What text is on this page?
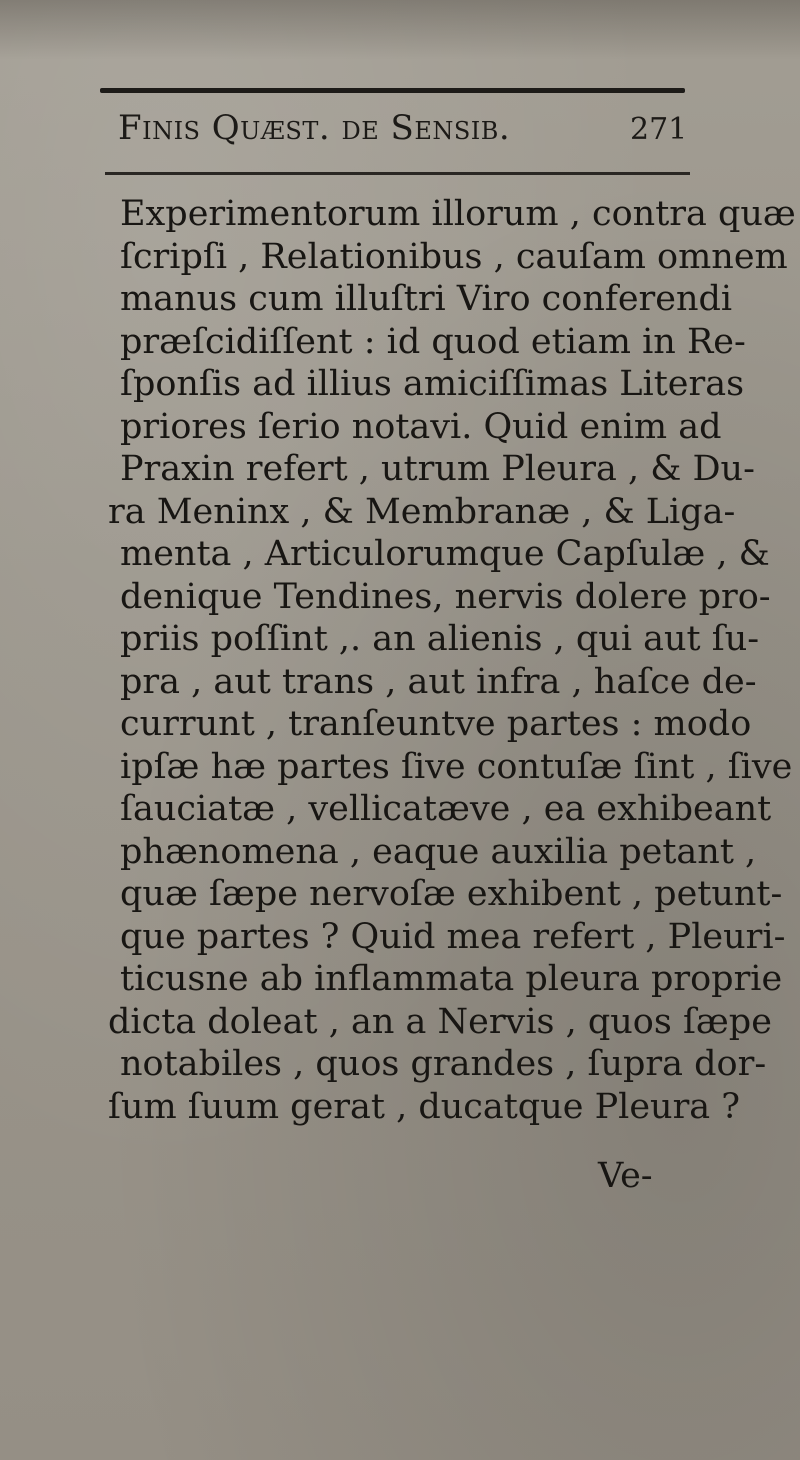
Finis Quæst. de Sensib.	271
Experimentorum illorum , contra quæ
ſcripſi , Relationibus , cauſam omnem
manus cum illuſtri Viro conferendi
præſcidiſſent : id quod etiam in Re-
ſponſis ad illius amiciſſimas Literas
priores ſerio notavi. Quid enim ad
Praxin refert , utrum Pleura , & Du-
ra Meninx , & Membranæ , & Liga-
menta , Articulorumque Capſulæ , &
denique Tendines, nervis dolere pro-
priis poſſint ,. an alienis , qui aut ſu-
pra , aut trans , aut infra , haſce de-
currunt , tranſeuntve partes : modo
ipſæ hæ partes ſive contuſæ ſint , ſive
ſauciatæ , vellicatæve , ea exhibeant
phænomena , eaque auxilia petant ,
quæ ſæpe nervoſæ exhibent , petunt-
que partes ? Quid mea refert , Pleuri-
ticusne ab inflammata pleura proprie
dicta doleat , an a Nervis , quos ſæpe
notabiles , quos grandes , ſupra dor-
ſum ſuum gerat , ducatque Pleura ?
Ve-
